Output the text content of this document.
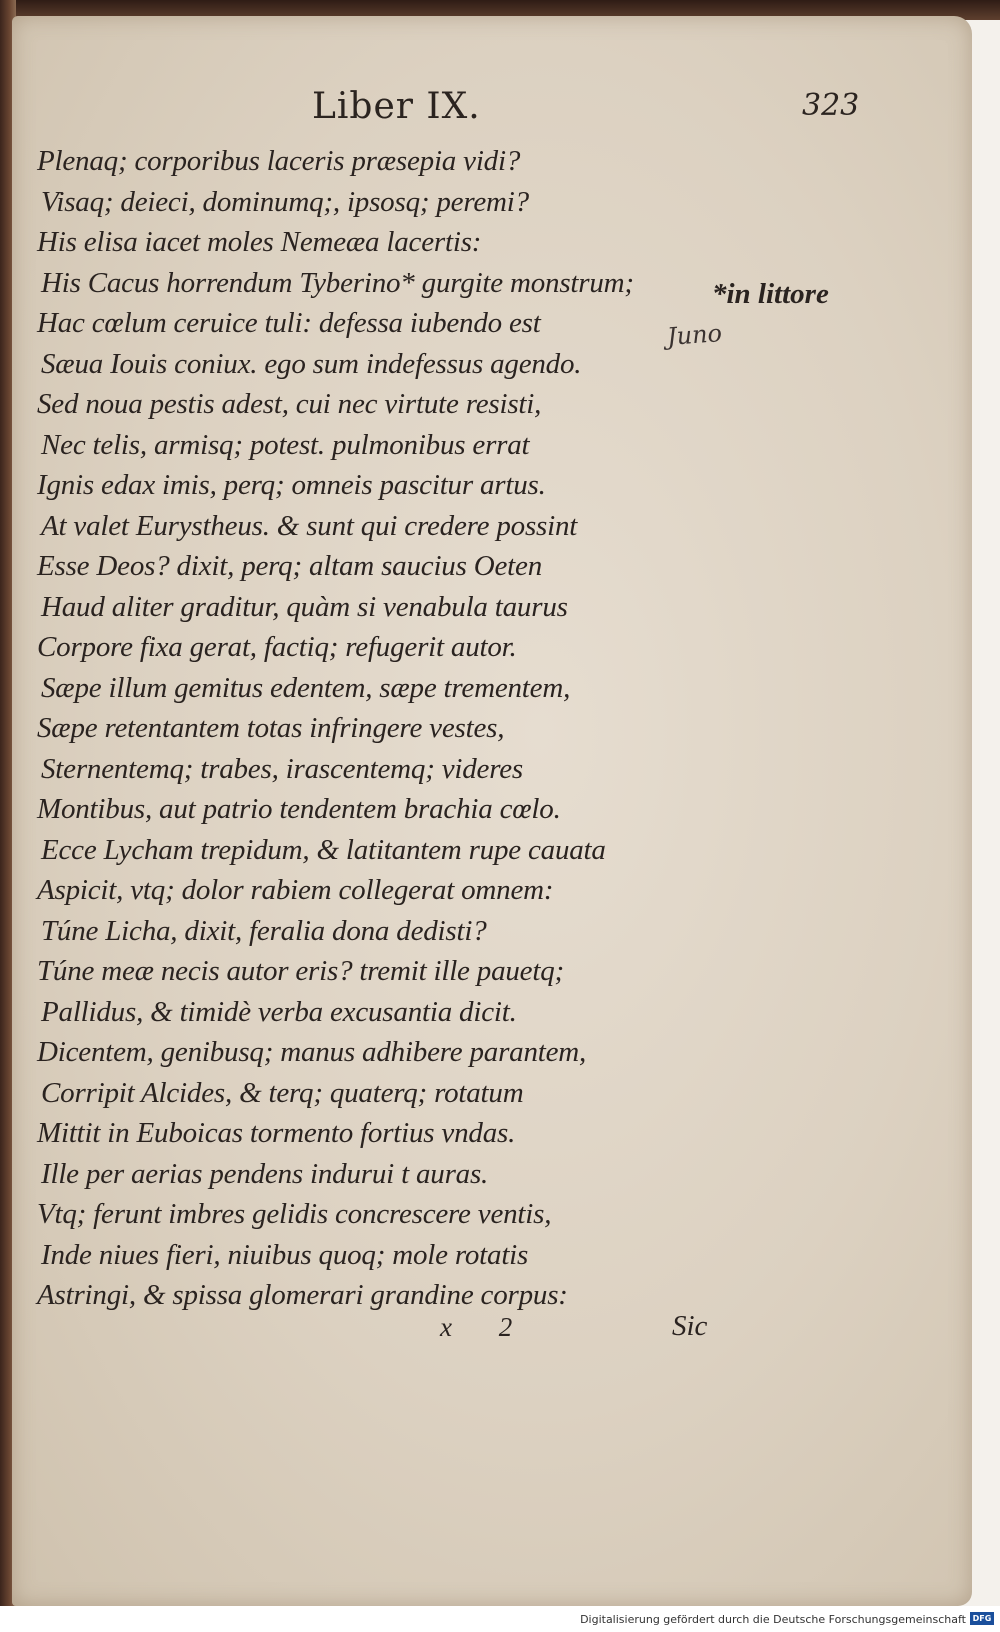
Liber IX.	323
Plenaq; corporibus laceris præsepia vidi?
Visaq; deieci, dominumq;, ipsosq; peremi?
His elisa iacet moles Nemeæa lacertis:
His Cacus horrendum Tyberino* gurgite monstrum;
Hac cœlum ceruice tuli: defessa iubendo est
Sæua Iouis coniux. ego sum indefessus agendo.
Sed noua pestis adest, cui nec virtute resisti,
Nec telis, armisq; potest. pulmonibus errat
Ignis edax imis, perq; omneis pascitur artus.
At valet Eurystheus. & sunt qui credere possint
Esse Deos? dixit, perq; altam saucius Oeten
Haud aliter graditur, quàm si venabula taurus
Corpore fixa gerat, factiq; refugerit autor.
Sæpe illum gemitus edentem, sæpe trementem,
Sæpe retentantem totas infringere vestes,
Sternentemq; trabes, irascentemq; videres
Montibus, aut patrio tendentem brachia cœlo.
Ecce Lycham trepidum, & latitantem rupe cauata
Aspicit, vtq; dolor rabiem collegerat omnem:
Túne Licha, dixit, feralia dona dedisti?
Túne meæ necis autor eris? tremit ille pauetq;
Pallidus, & timidè verba excusantia dicit.
Dicentem, genibusq; manus adhibere parantem,
Corripit Alcides, & terq; quaterq; rotatum
Mittit in Euboicas tormento fortius vndas.
Ille per aerias pendens indurui t auras.
Vtq; ferunt imbres gelidis concrescere ventis,
Inde niues fieri, niuibus quoq; mole rotatis
Astringi, & spissa glomerari grandine corpus:
*in littore
Juno
x 2	Sic
Digitalisierung gefördert durch die Deutsche Forschungsgemeinschaft DFG
